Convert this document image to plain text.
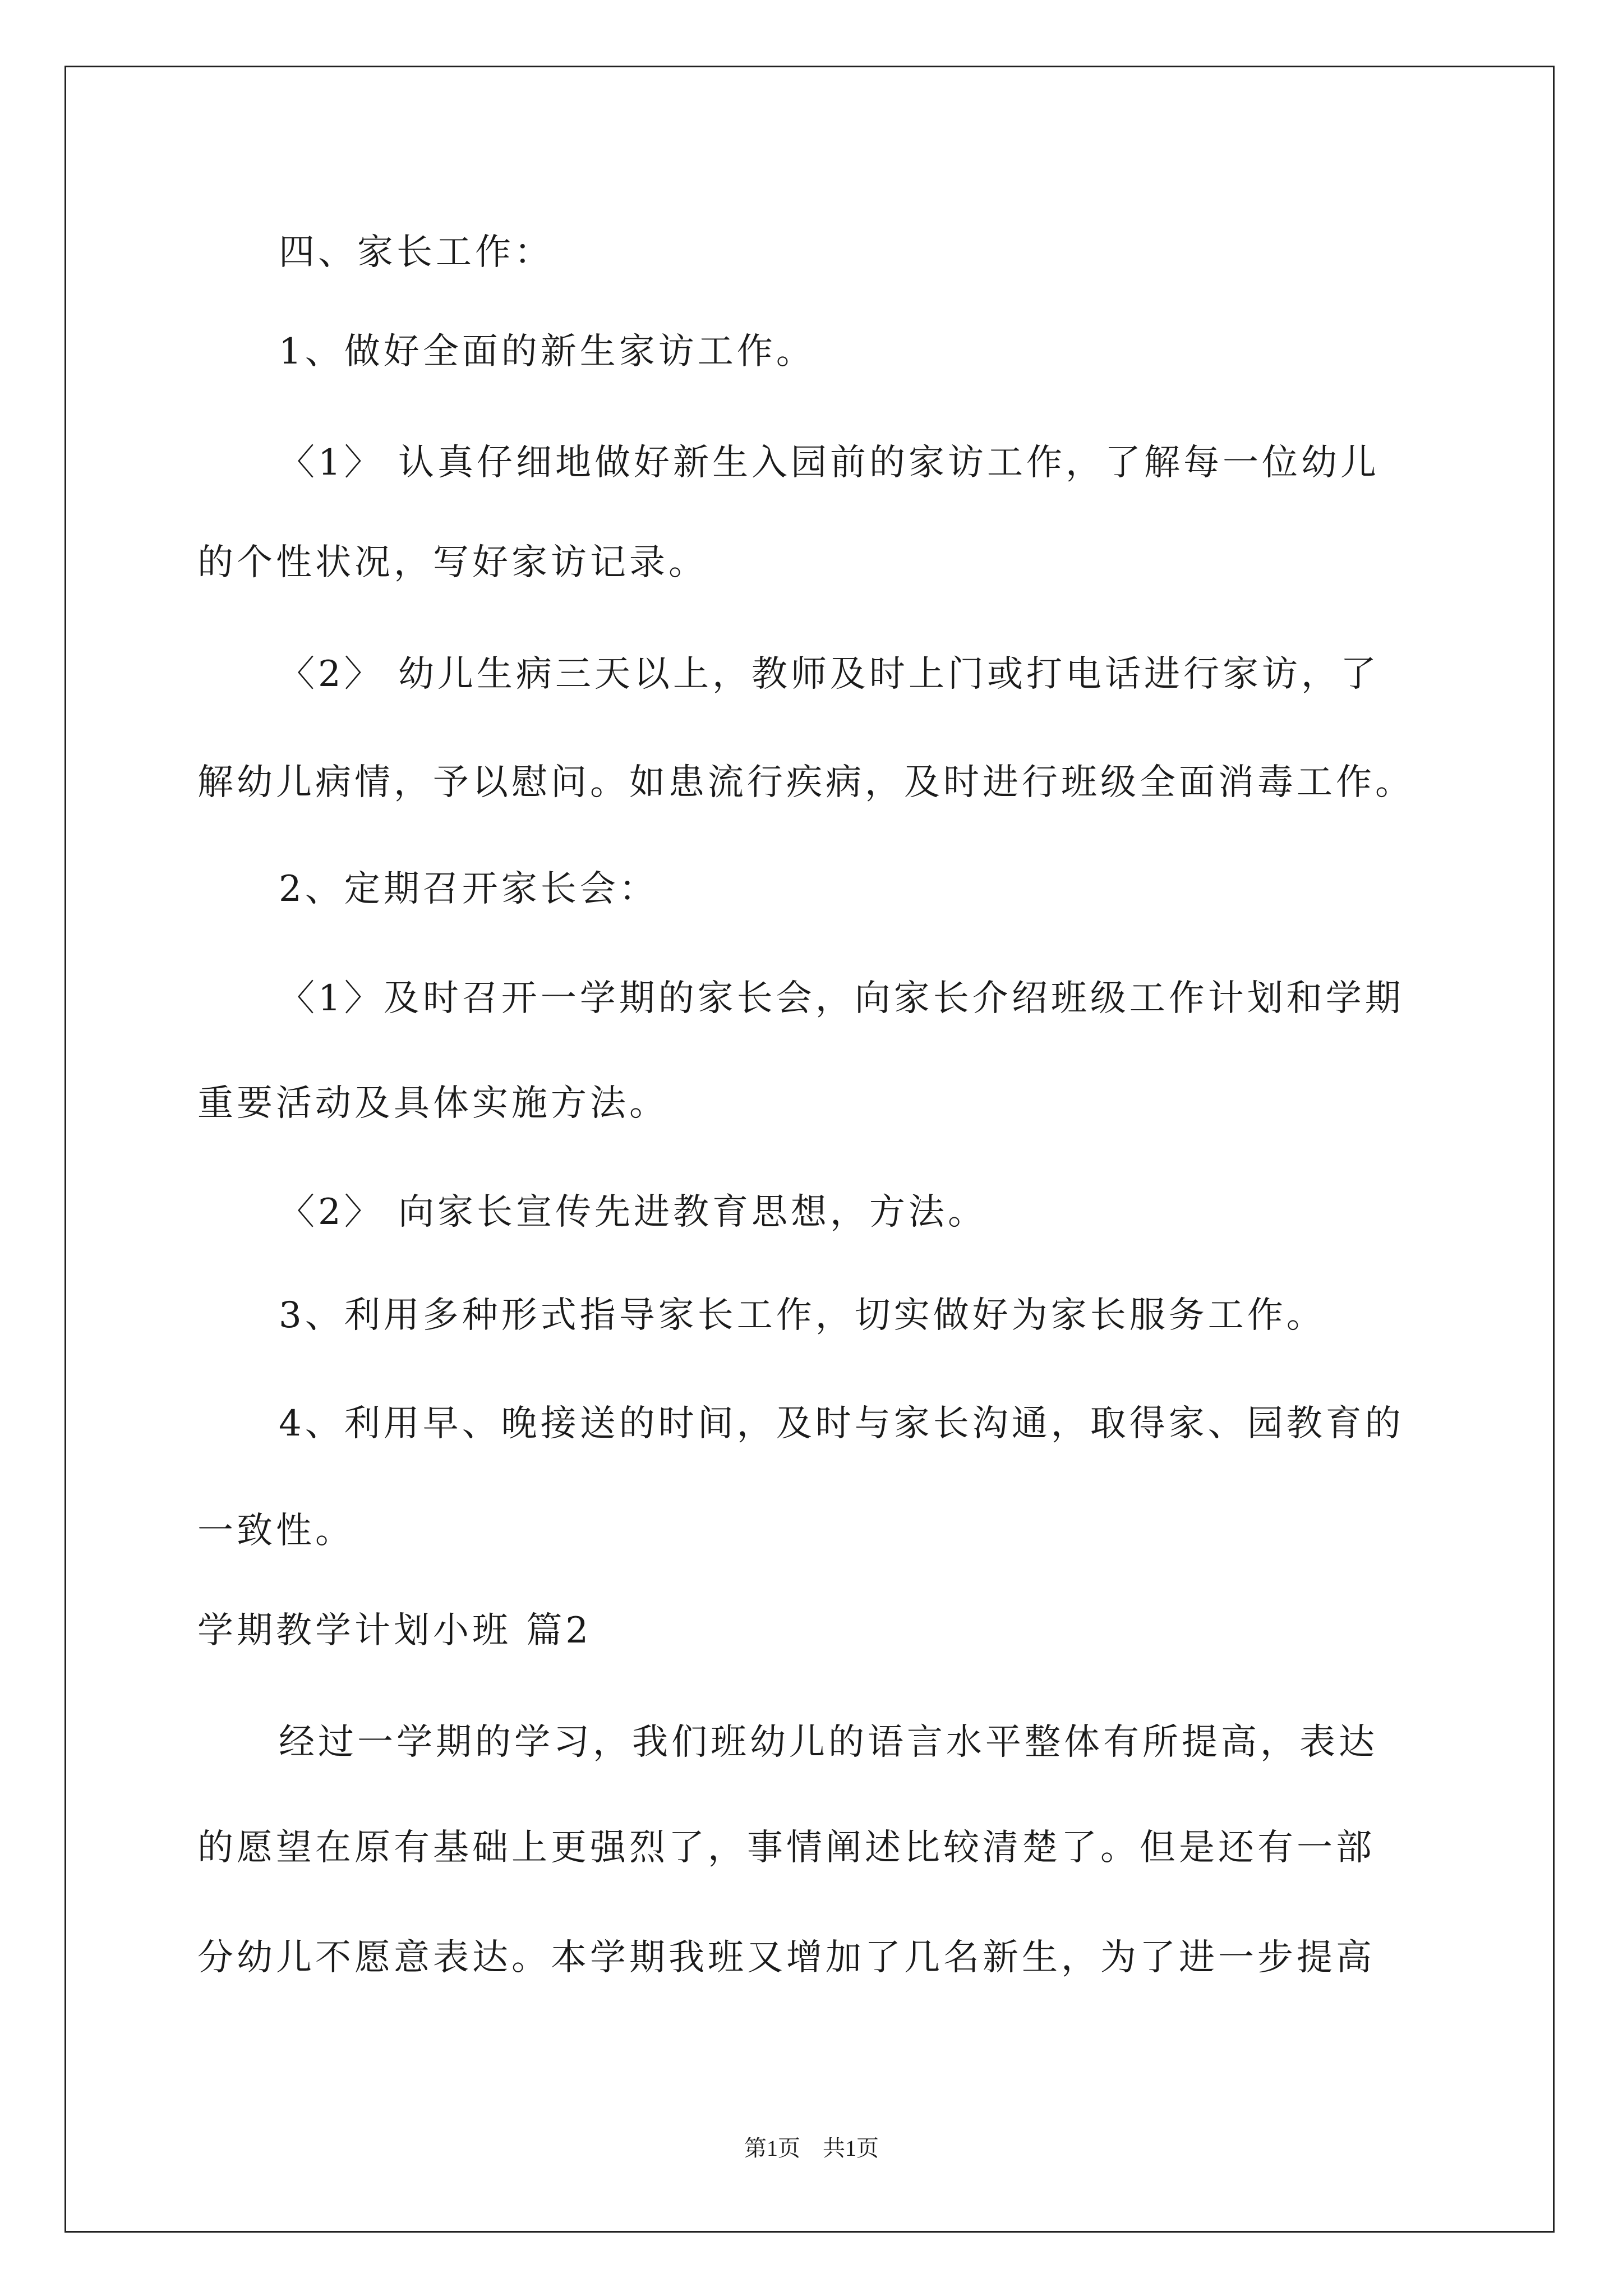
四、家长工作：
1、做好全面的新生家访工作。
〈1〉 认真仔细地做好新生入园前的家访工作，了解每一位幼儿
的个性状况，写好家访记录。
〈2〉 幼儿生病三天以上，教师及时上门或打电话进行家访，了
解幼儿病情，予以慰问。如患流行疾病，及时进行班级全面消毒工作。
2、定期召开家长会：
〈1〉及时召开一学期的家长会，向家长介绍班级工作计划和学期
重要活动及具体实施方法。
〈2〉 向家长宣传先进教育思想，方法。
3、利用多种形式指导家长工作，切实做好为家长服务工作。
4、利用早、晚接送的时间，及时与家长沟通，取得家、园教育的
一致性。
学期教学计划小班 篇2
经过一学期的学习，我们班幼儿的语言水平整体有所提高，表达
的愿望在原有基础上更强烈了，事情阐述比较清楚了。但是还有一部
分幼儿不愿意表达。本学期我班又增加了几名新生，为了进一步提高
第1页　共1页
